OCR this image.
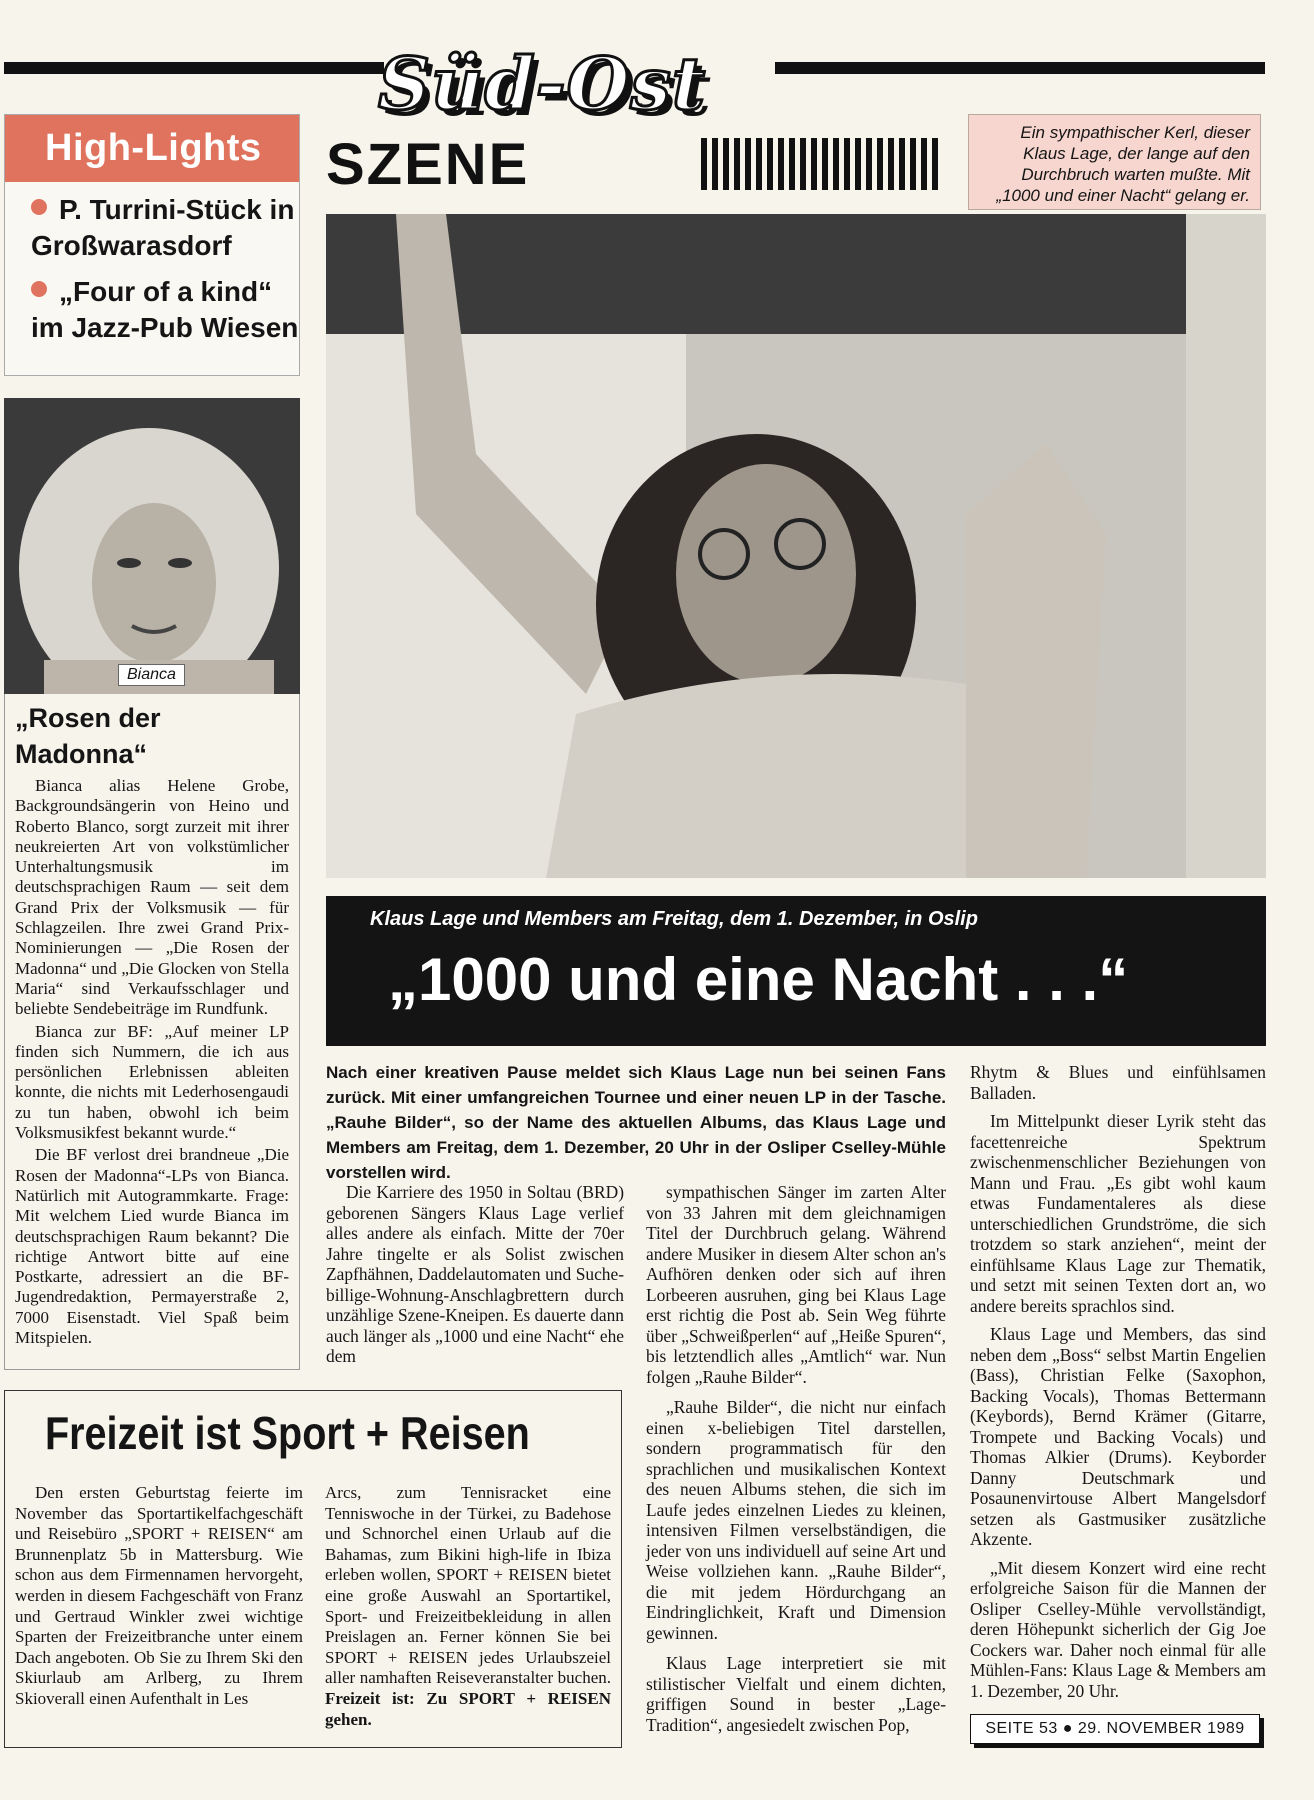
Süd-Ost
SZENE	Ein sympathischer Kerl, dieser Klaus Lage, der lange auf den Durchbruch warten mußte. Mit „1000 und einer Nacht“ gelang er.
High-Lights
P. Turrini-Stück in Großwarasdorf
„Four of a kind“ im Jazz-Pub Wiesen
Bianca
„Rosen der Madonna“

Bianca alias Helene Grobe, Backgroundsängerin von Heino und Roberto Blanco, sorgt zurzeit mit ihrer neukreierten Art von volkstümlicher Unterhaltungsmusik im deutschsprachigen Raum — seit dem Grand Prix der Volksmusik — für Schlagzeilen. Ihre zwei Grand Prix-Nominierungen — „Die Rosen der Madonna“ und „Die Glocken von Stella Maria“ sind Verkaufsschlager und beliebte Sendebeiträge im Rundfunk.

Bianca zur BF: „Auf meiner LP finden sich Nummern, die ich aus persönlichen Erlebnissen ableiten konnte, die nichts mit Lederhosengaudi zu tun haben, obwohl ich beim Volksmusikfest bekannt wurde.“

Die BF verlost drei brandneue „Die Rosen der Madonna“-LPs von Bianca. Natürlich mit Autogrammkarte. Frage: Mit welchem Lied wurde Bianca im deutschsprachigen Raum bekannt? Die richtige Antwort bitte auf eine Postkarte, adressiert an die BF-Jugendredaktion, Permayerstraße 2, 7000 Eisenstadt. Viel Spaß beim Mitspielen.

Klaus Lage und Members am Freitag, dem 1. Dezember, in Oslip
„1000 und eine Nacht . . .“
Nach einer kreativen Pause meldet sich Klaus Lage nun bei seinen Fans zurück. Mit einer umfangreichen Tournee und einer neuen LP in der Tasche. „Rauhe Bilder“, so der Name des aktuellen Albums, das Klaus Lage und Members am Freitag, dem 1. Dezember, 20 Uhr in der Osliper Cselley-Mühle vorstellen wird.

Die Karriere des 1950 in Soltau (BRD) geborenen Sängers Klaus Lage verlief alles andere als einfach. Mitte der 70er Jahre tingelte er als Solist zwischen Zapfhähnen, Daddelautomaten und Suche-billige-Wohnung-Anschlagbrettern durch unzählige Szene-Kneipen. Es dauerte dann auch länger als „1000 und eine Nacht“ ehe dem

sympathischen Sänger im zarten Alter von 33 Jahren mit dem gleichnamigen Titel der Durchbruch gelang. Während andere Musiker in diesem Alter schon an's Aufhören denken oder sich auf ihren Lorbeeren ausruhen, ging bei Klaus Lage erst richtig die Post ab. Sein Weg führte über „Schweißperlen“ auf „Heiße Spuren“, bis letztendlich alles „Amtlich“ war. Nun folgen „Rauhe Bilder“.

„Rauhe Bilder“, die nicht nur einfach einen x-beliebigen Titel darstellen, sondern programmatisch für den sprachlichen und musikalischen Kontext des neuen Albums stehen, die sich im Laufe jedes einzelnen Liedes zu kleinen, intensiven Filmen verselbständigen, die jeder von uns individuell auf seine Art und Weise vollziehen kann. „Rauhe Bilder“, die mit jedem Hördurchgang an Eindringlichkeit, Kraft und Dimension gewinnen.

Klaus Lage interpretiert sie mit stilistischer Vielfalt und einem dichten, griffigen Sound in bester „Lage-Tradition“, angesiedelt zwischen Pop,

Rhytm & Blues und einfühlsamen Balladen.

Im Mittelpunkt dieser Lyrik steht das facettenreiche Spektrum zwischenmenschlicher Beziehungen von Mann und Frau. „Es gibt wohl kaum etwas Fundamentaleres als diese unterschiedlichen Grundströme, die sich trotzdem so stark anziehen“, meint der einfühlsame Klaus Lage zur Thematik, und setzt mit seinen Texten dort an, wo andere bereits sprachlos sind.

Klaus Lage und Members, das sind neben dem „Boss“ selbst Martin Engelien (Bass), Christian Felke (Saxophon, Backing Vocals), Thomas Bettermann (Keybords), Bernd Krämer (Gitarre, Trompete und Backing Vocals) und Thomas Alkier (Drums). Keyborder Danny Deutschmark und Posaunenvirtouse Albert Mangelsdorf setzen als Gastmusiker zusätzliche Akzente.

„Mit diesem Konzert wird eine recht erfolgreiche Saison für die Mannen der Osliper Cselley-Mühle vervollständigt, deren Höhepunkt sicherlich der Gig Joe Cockers war. Daher noch einmal für alle Mühlen-Fans: Klaus Lage & Members am 1. Dezember, 20 Uhr.

Freizeit ist Sport + Reisen

Den ersten Geburtstag feierte im November das Sportartikelfachgeschäft und Reisebüro „SPORT + REISEN“ am Brunnenplatz 5b in Mattersburg. Wie schon aus dem Firmennamen hervorgeht, werden in diesem Fachgeschäft von Franz und Gertraud Winkler zwei wichtige Sparten der Freizeitbranche unter einem Dach angeboten. Ob Sie zu Ihrem Ski den Skiurlaub am Arlberg, zu Ihrem Skioverall einen Aufenthalt in Les

Arcs, zum Tennisracket eine Tenniswoche in der Türkei, zu Badehose und Schnorchel einen Urlaub auf die Bahamas, zum Bikini high-life in Ibiza erleben wollen, SPORT + REISEN bietet eine große Auswahl an Sportartikel, Sport- und Freizeitbekleidung in allen Preislagen an. Ferner können Sie bei SPORT + REISEN jedes Urlaubszeiel aller namhaften Reiseveranstalter buchen. Freizeit ist: Zu SPORT + REISEN gehen.	SEITE 53 ● 29. NOVEMBER 1989
